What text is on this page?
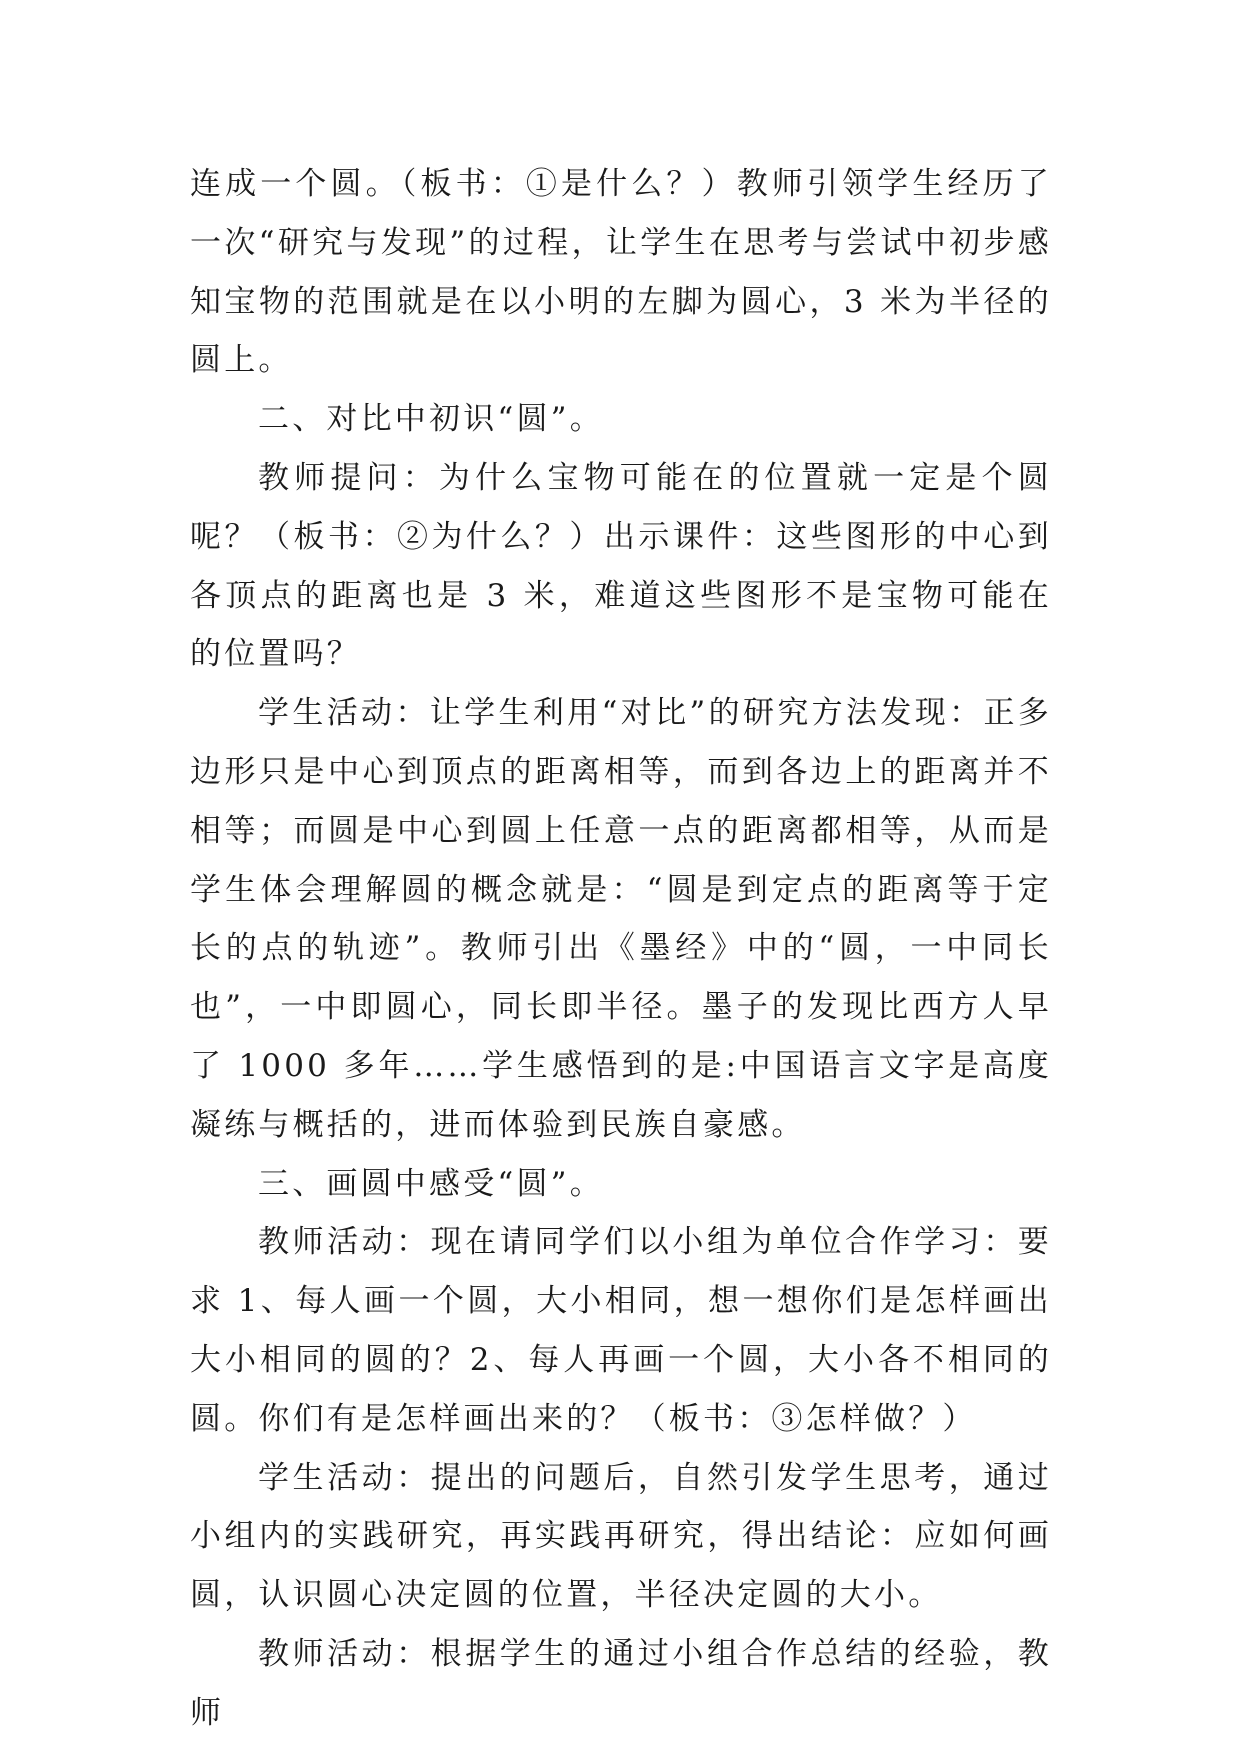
连成一个圆。（板书：①是什么？）教师引领学生经历了一次“研究与发现”的过程，让学生在思考与尝试中初步感知宝物的范围就是在以小明的左脚为圆心，3 米为半径的圆上。

二、对比中初识“圆”。

教师提问：为什么宝物可能在的位置就一定是个圆呢？（板书：②为什么？）出示课件：这些图形的中心到各顶点的距离也是 3 米，难道这些图形不是宝物可能在的位置吗？

学生活动：让学生利用“对比”的研究方法发现：正多边形只是中心到顶点的距离相等，而到各边上的距离并不相等；而圆是中心到圆上任意一点的距离都相等，从而是学生体会理解圆的概念就是：“圆是到定点的距离等于定长的点的轨迹”。教师引出《墨经》中的“圆，一中同长也”，一中即圆心，同长即半径。墨子的发现比西方人早了 1000 多年……学生感悟到的是:中国语言文字是高度凝练与概括的，进而体验到民族自豪感。

三、画圆中感受“圆”。

教师活动：现在请同学们以小组为单位合作学习：要求 1、每人画一个圆，大小相同，想一想你们是怎样画出大小相同的圆的？2、每人再画一个圆，大小各不相同的圆。你们有是怎样画出来的？（板书：③怎样做？）

学生活动：提出的问题后，自然引发学生思考，通过小组内的实践研究，再实践再研究，得出结论：应如何画圆，认识圆心决定圆的位置，半径决定圆的大小。

教师活动：根据学生的通过小组合作总结的经验，教师
